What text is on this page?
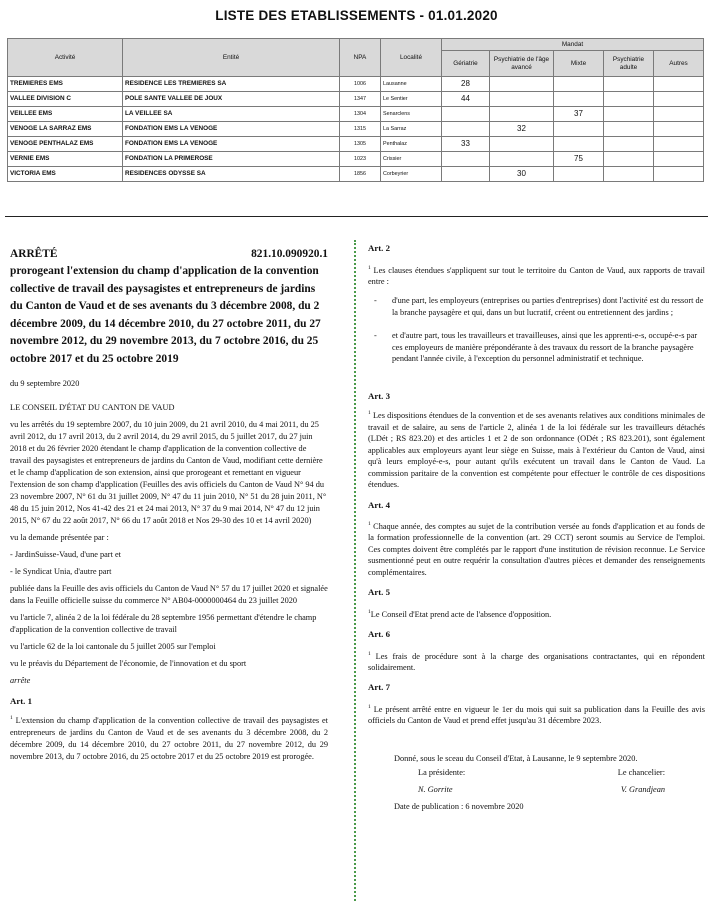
LISTE DES ETABLISSEMENTS - 01.01.2020
Activité	Entité	NPA	Localité	Mandat				
				Gériatrie	Psychiatrie de l'âge avancé	Mixte	Psychiatrie adulte	Autres
TREMIERES EMS	RESIDENCE LES TREMIERES SA	1006	Lausanne	28				
VALLEE DIVISION C	POLE SANTE VALLEE DE JOUX	1347	Le Sentier	44				
VEILLEE EMS	LA VEILLEE SA	1304	Senarclens			37		
VENOGE LA SARRAZ EMS	FONDATION EMS LA VENOGE	1315	La Sarraz		32			
VENOGE PENTHALAZ EMS	FONDATION EMS LA VENOGE	1305	Penthalaz	33				
VERNIE EMS	FONDATION LA PRIMEROSE	1023	Crissier			75		
VICTORIA EMS	RESIDENCES ODYSSE SA	1856	Corbeyrier		30			
ARRÊTÉ	821.10.090920.1
prorogeant l'extension du champ d'application de la convention collective de travail des paysagistes et entrepreneurs de jardins du Canton de Vaud et de ses avenants du 3 décembre 2008, du 2 décembre 2009, du 14 décembre 2010, du 27 octobre 2011, du 27 novembre 2012, du 29 novembre 2013, du 7 octobre 2016, du 25 octobre 2017 et du 25 octobre 2019

du 9 septembre 2020

LE CONSEIL D'ÉTAT DU CANTON DE VAUD

vu les arrêtés du 19 septembre 2007, du 10 juin 2009, du 21 avril 2010, du 4 mai 2011, du 25 avril 2012, du 17 avril 2013, du 2 avril 2014, du 29 avril 2015, du 5 juillet 2017, du 27 juin 2018 et du 26 février 2020 étendant le champ d'application de la convention collective de travail des paysagistes et entrepreneurs de jardins du Canton de Vaud, modifiant cette dernière et le champ d'application de son extension, ainsi que prorogeant et remettant en vigueur l'extension de son champ d'application (Feuilles des avis officiels du Canton de Vaud N° 94 du 23 novembre 2007, N° 61 du 31 juillet 2009, N° 47 du 11 juin 2010, N° 51 du 28 juin 2011, N° 48 du 15 juin 2012, Nos 41-42 des 21 et 24 mai 2013, N° 37 du 9 mai 2014, N° 47 du 12 juin 2015, N° 67 du 22 août 2017, N° 66 du 17 août 2018 et Nos 29-30 des 10 et 14 avril 2020)

vu la demande présentée par :

- JardinSuisse-Vaud, d'une part et

- le Syndicat Unia, d'autre part

publiée dans la Feuille des avis officiels du Canton de Vaud N° 57 du 17 juillet 2020 et signalée dans la Feuille officielle suisse du commerce N° AB04-0000000464 du 23 juillet 2020

vu l'article 7, alinéa 2 de la loi fédérale du 28 septembre 1956 permettant d'étendre le champ d'application de la convention collective de travail

vu l'article 62 de la loi cantonale du 5 juillet 2005 sur l'emploi

vu le préavis du Département de l'économie, de l'innovation et du sport

arrête

Art. 1

$^1$ L'extension du champ d'application de la convention collective de travail des paysagistes et entrepreneurs de jardins du Canton de Vaud et de ses avenants du 3 décembre 2008, du 2 décembre 2009, du 14 décembre 2010, du 27 octobre 2011, du 27 novembre 2012, du 29 novembre 2013, du 7 octobre 2016, du 25 octobre 2017 et du 25 octobre 2019 est prorogée.

Art. 2

$^1$ Les clauses étendues s'appliquent sur tout le territoire du Canton de Vaud, aux rapports de travail entre :

- d'une part, les employeurs (entreprises ou parties d'entreprises) dont l'activité est du ressort de la branche paysagère et qui, dans un but lucratif, créent ou entretiennent des jardins ;
- et d'autre part, tous les travailleurs et travailleuses, ainsi que les apprenti-e-s, occupé-e-s par ces employeurs de manière prépondérante à des travaux du ressort de la branche paysagère pendant l'année civile, à l'exception du personnel administratif et technique.

Art. 3

$^1$ Les dispositions étendues de la convention et de ses avenants relatives aux conditions minimales de travail et de salaire, au sens de l'article 2, alinéa 1 de la loi fédérale sur les travailleurs détachés (LDét ; RS 823.20) et des articles 1 et 2 de son ordonnance (ODét ; RS 823.201), sont également applicables aux employeurs ayant leur siège en Suisse, mais à l'extérieur du Canton de Vaud, ainsi qu'à leurs employé-e-s, pour autant qu'ils exécutent un travail dans le Canton de Vaud. La commission paritaire de la convention est compétente pour effectuer le contrôle de ces dispositions étendues.

Art. 4

$^1$ Chaque année, des comptes au sujet de la contribution versée au fonds d'application et au fonds de la formation professionnelle de la convention (art. 29 CCT) seront soumis au Service de l'emploi. Ces comptes doivent être complétés par le rapport d'une institution de révision reconnue. Le Service susmentionné peut en outre requérir la consultation d'autres pièces et demander des renseignements complémentaires.

Art. 5

$^1$Le Conseil d'Etat prend acte de l'absence d'opposition.

Art. 6

$^1$ Les frais de procédure sont à la charge des organisations contractantes, qui en répondent solidairement.

Art. 7

$^1$ Le présent arrêté entre en vigueur le 1er du mois qui suit sa publication dans la Feuille des avis officiels du Canton de Vaud et prend effet jusqu'au 31 décembre 2023.

Donné, sous le sceau du Conseil d'Etat, à Lausanne, le 9 septembre 2020.

La présidente:	Le chancelier:
N. Gorrite	V. Grandjean

Date de publication : 6 novembre 2020
